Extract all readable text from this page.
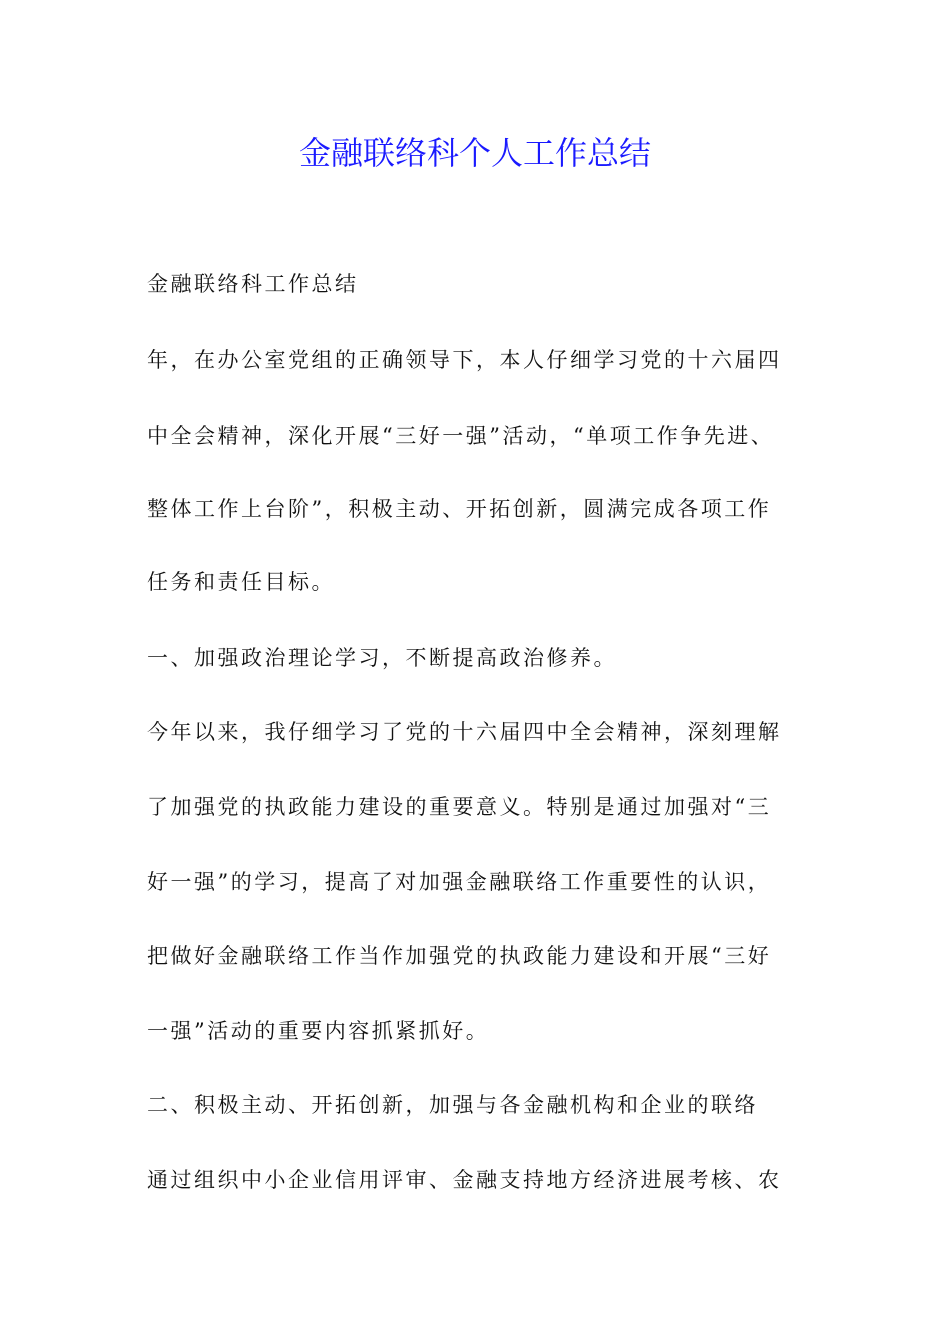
金融联络科个人工作总结

金融联络科工作总结

年，在办公室党组的正确领导下，本人仔细学习党的十六届四

中全会精神，深化开展“三好一强”活动，“单项工作争先进、

整体工作上台阶”，积极主动、开拓创新，圆满完成各项工作

任务和责任目标。

一、加强政治理论学习，不断提高政治修养。

今年以来，我仔细学习了党的十六届四中全会精神，深刻理解

了加强党的执政能力建设的重要意义。特别是通过加强对“三

好一强”的学习，提高了对加强金融联络工作重要性的认识，

把做好金融联络工作当作加强党的执政能力建设和开展“三好

一强”活动的重要内容抓紧抓好。

二、积极主动、开拓创新，加强与各金融机构和企业的联络

通过组织中小企业信用评审、金融支持地方经济进展考核、农
